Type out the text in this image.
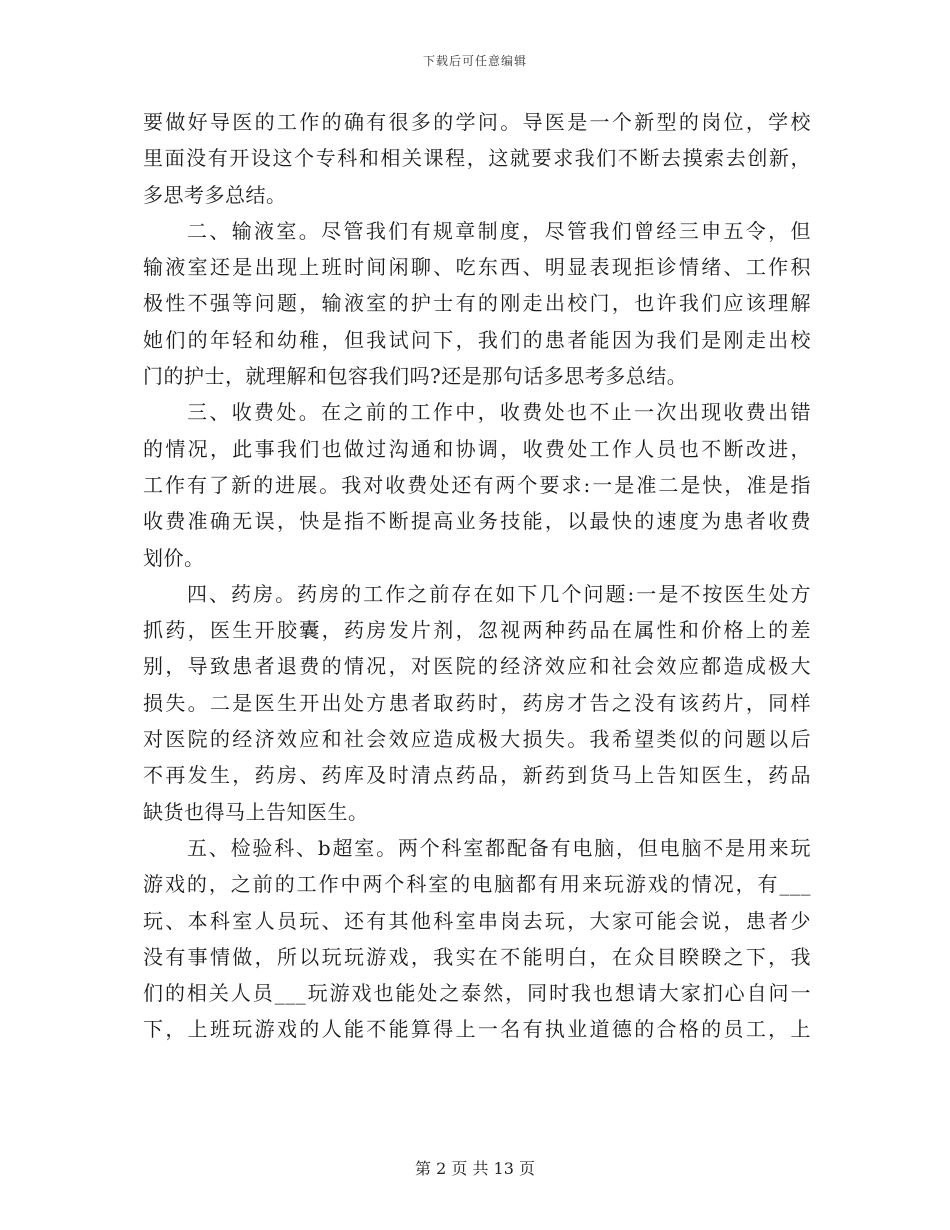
下载后可任意编辑
要做好导医的工作的确有很多的学问。导医是一个新型的岗位，学校
里面没有开设这个专科和相关课程，这就要求我们不断去摸索去创新，
多思考多总结。
二、输液室。尽管我们有规章制度，尽管我们曾经三申五令，但
输液室还是出现上班时间闲聊、吃东西、明显表现拒诊情绪、工作积
极性不强等问题，输液室的护士有的刚走出校门，也许我们应该理解
她们的年轻和幼稚，但我试问下，我们的患者能因为我们是刚走出校
门的护士，就理解和包容我们吗?还是那句话多思考多总结。
三、收费处。在之前的工作中，收费处也不止一次出现收费出错
的情况，此事我们也做过沟通和协调，收费处工作人员也不断改进，
工作有了新的进展。我对收费处还有两个要求:一是准二是快，准是指
收费准确无误，快是指不断提高业务技能，以最快的速度为患者收费
划价。
四、药房。药房的工作之前存在如下几个问题:一是不按医生处方
抓药，医生开胶囊，药房发片剂，忽视两种药品在属性和价格上的差
别，导致患者退费的情况，对医院的经济效应和社会效应都造成极大
损失。二是医生开出处方患者取药时，药房才告之没有该药片，同样
对医院的经济效应和社会效应造成极大损失。我希望类似的问题以后
不再发生，药房、药库及时清点药品，新药到货马上告知医生，药品
缺货也得马上告知医生。
五、检验科、b超室。两个科室都配备有电脑，但电脑不是用来玩
游戏的，之前的工作中两个科室的电脑都有用来玩游戏的情况，有___
玩、本科室人员玩、还有其他科室串岗去玩，大家可能会说，患者少
没有事情做，所以玩玩游戏，我实在不能明白，在众目睽睽之下，我
们的相关人员___玩游戏也能处之泰然，同时我也想请大家扪心自问一
下，上班玩游戏的人能不能算得上一名有执业道德的合格的员工，上
第 2 页 共 13 页
